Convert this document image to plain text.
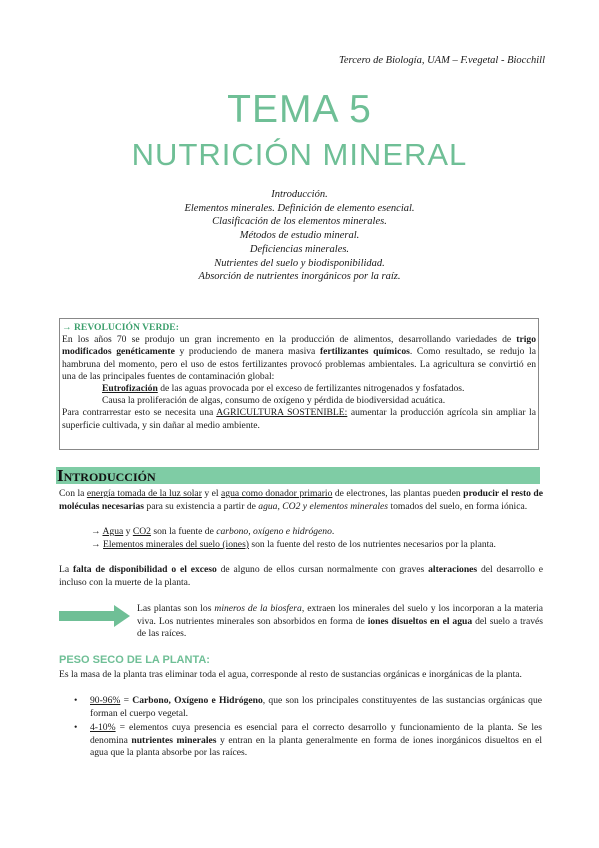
Tercero de Biología, UAM – F.vegetal - Biocchill
TEMA 5
NUTRICIÓN MINERAL
Introducción.
Elementos minerales. Definición de elemento esencial.
Clasificación de los elementos minerales.
Métodos de estudio mineral.
Deficiencias minerales.
Nutrientes del suelo y biodisponibilidad.
Absorción de nutrientes inorgánicos por la raíz.
→ REVOLUCIÓN VERDE:
En los años 70 se produjo un gran incremento en la producción de alimentos, desarrollando variedades de trigo modificados genéticamente y produciendo de manera masiva fertilizantes químicos. Como resultado, se redujo la hambruna del momento, pero el uso de estos fertilizantes provocó problemas ambientales. La agricultura se convirtió en una de las principales fuentes de contaminación global:
Eutrofización de las aguas provocada por el exceso de fertilizantes nitrogenados y fosfatados.
Causa la proliferación de algas, consumo de oxígeno y pérdida de biodiversidad acuática.
Para contrarrestar esto se necesita una AGRICULTURA SOSTENIBLE: aumentar la producción agrícola sin ampliar la superficie cultivada, y sin dañar al medio ambiente.
Introducción
Con la energía tomada de la luz solar y el agua como donador primario de electrones, las plantas pueden producir el resto de moléculas necesarias para su existencia a partir de agua, CO2 y elementos minerales tomados del suelo, en forma iónica.
→ Agua y CO2 son la fuente de carbono, oxígeno e hidrógeno.
→ Elementos minerales del suelo (iones) son la fuente del resto de los nutrientes necesarios por la planta.
La falta de disponibilidad o el exceso de alguno de ellos cursan normalmente con graves alteraciones del desarrollo e incluso con la muerte de la planta.
Las plantas son los mineros de la biosfera, extraen los minerales del suelo y los incorporan a la materia viva. Los nutrientes minerales son absorbidos en forma de iones disueltos en el agua del suelo a través de las raíces.
PESO SECO DE LA PLANTA:
Es la masa de la planta tras eliminar toda el agua, corresponde al resto de sustancias orgánicas e inorgánicas de la planta.
• 90-96% = Carbono, Oxígeno e Hidrógeno, que son los principales constituyentes de las sustancias orgánicas que forman el cuerpo vegetal.
• 4-10% = elementos cuya presencia es esencial para el correcto desarrollo y funcionamiento de la planta. Se les denomina nutrientes minerales y entran en la planta generalmente en forma de iones inorgánicos disueltos en el agua que la planta absorbe por las raíces.
